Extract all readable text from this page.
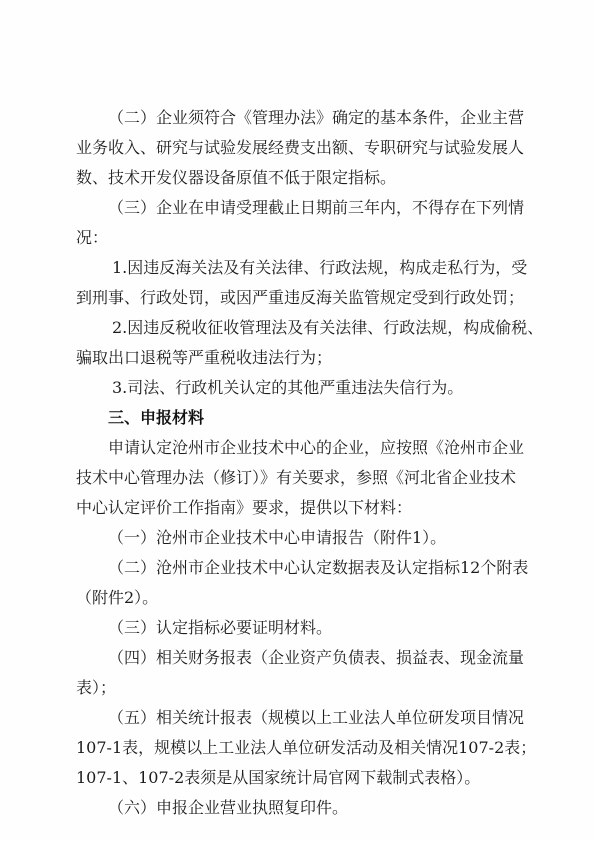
（二）企业须符合《管理办法》确定的基本条件，企业主营
业务收入、研究与试验发展经费支出额、专职研究与试验发展人
数、技术开发仪器设备原值不低于限定指标。
（三）企业在申请受理截止日期前三年内，不得存在下列情
况：
1.因违反海关法及有关法律、行政法规，构成走私行为，受
到刑事、行政处罚，或因严重违反海关监管规定受到行政处罚；
2.因违反税收征收管理法及有关法律、行政法规，构成偷税、
骗取出口退税等严重税收违法行为；
3.司法、行政机关认定的其他严重违法失信行为。
三、申报材料
申请认定沧州市企业技术中心的企业，应按照《沧州市企业
技术中心管理办法（修订）》有关要求，参照《河北省企业技术
中心认定评价工作指南》要求，提供以下材料：
（一）沧州市企业技术中心申请报告（附件1）。
（二）沧州市企业技术中心认定数据表及认定指标12个附表
（附件2）。
（三）认定指标必要证明材料。
（四）相关财务报表（企业资产负债表、损益表、现金流量
表）；
（五）相关统计报表（规模以上工业法人单位研发项目情况
107-1表，规模以上工业法人单位研发活动及相关情况107-2表；
107-1、107-2表须是从国家统计局官网下载制式表格）。
（六）申报企业营业执照复印件。
